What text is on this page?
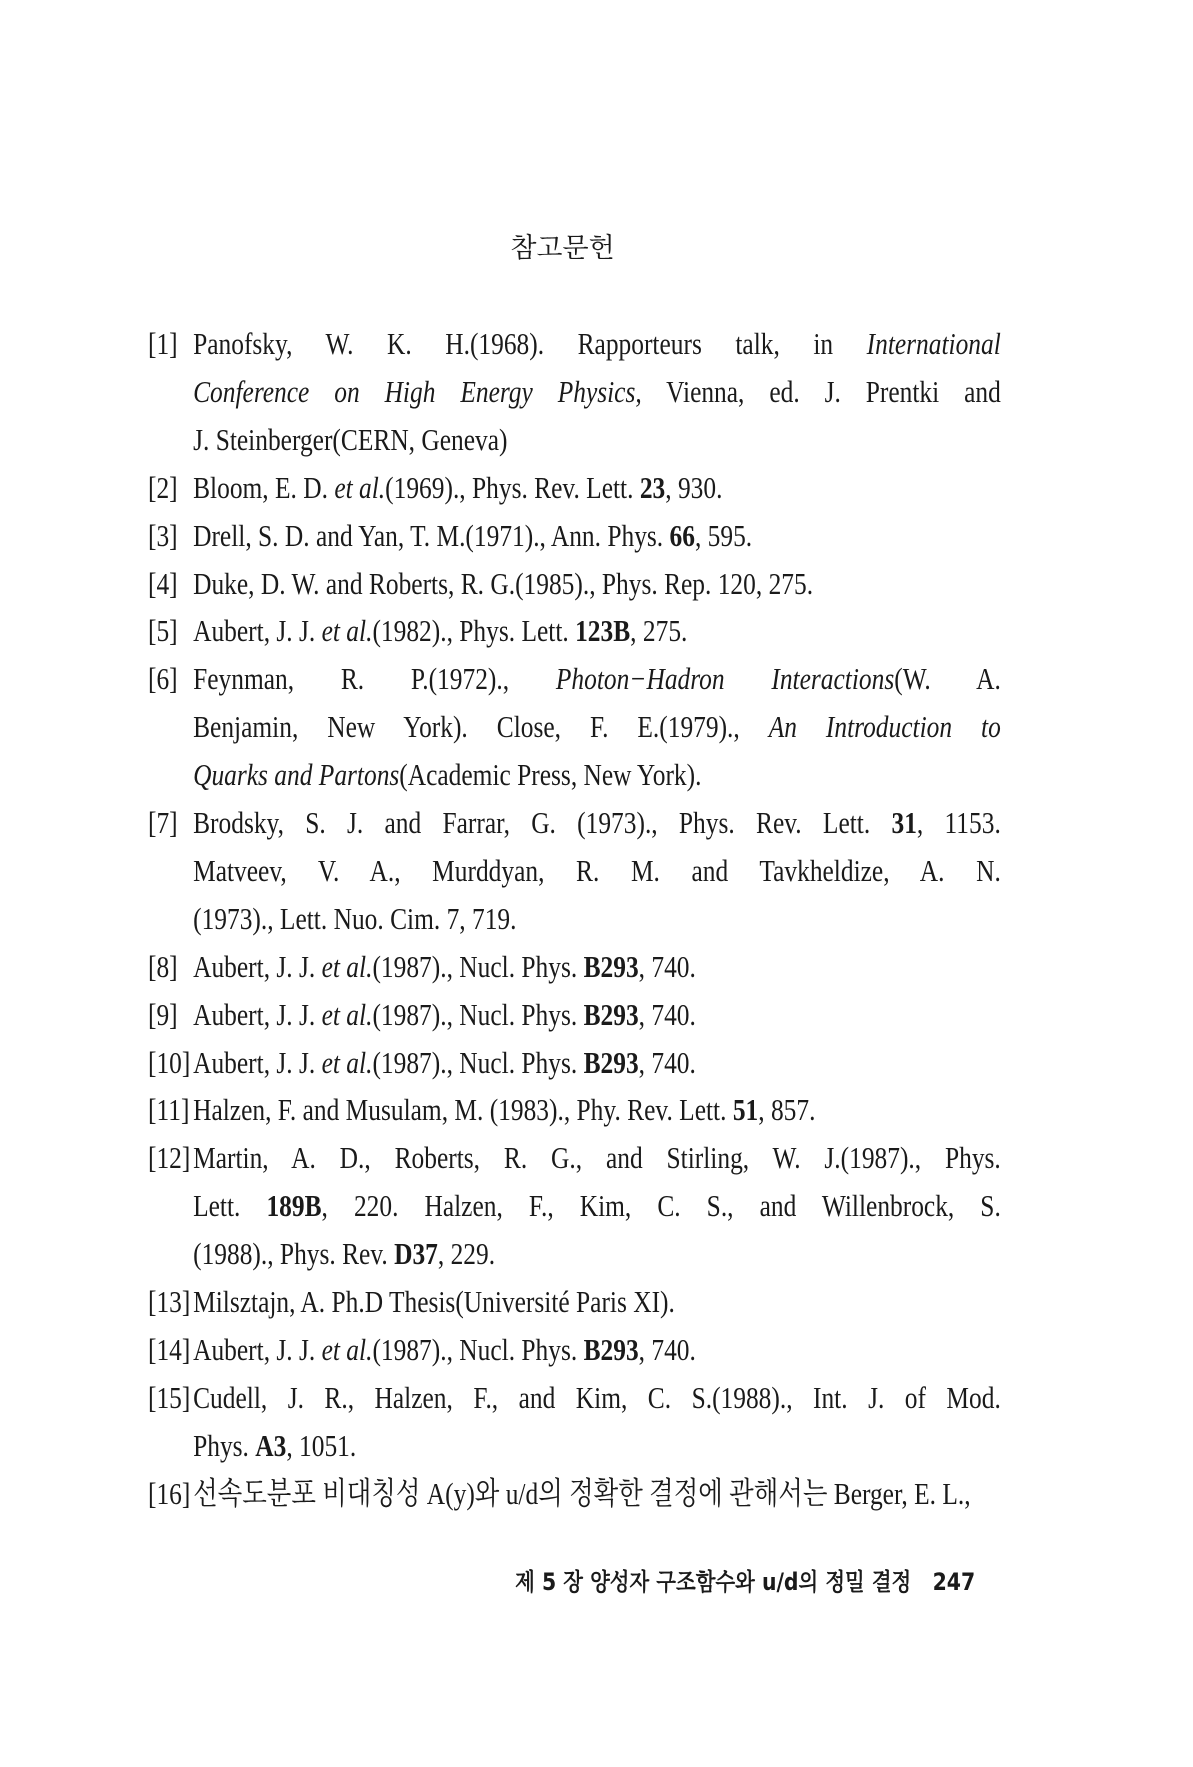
참고문헌
[1] Panofsky, W. K. H.(1968). Rapporteurs talk, in International
Conference on High Energy Physics, Vienna, ed. J. Prentki and
J. Steinberger(CERN, Geneva)
[2] Bloom, E. D. et al.(1969)., Phys. Rev. Lett. 23, 930.
[3] Drell, S. D. and Yan, T. M.(1971)., Ann. Phys. 66, 595.
[4] Duke, D. W. and Roberts, R. G.(1985)., Phys. Rep. 120, 275.
[5] Aubert, J. J. et al.(1982)., Phys. Lett. 123B, 275.
[6] Feynman, R. P.(1972)., Photon−Hadron Interactions(W. A.
Benjamin, New York). Close, F. E.(1979)., An Introduction to
Quarks and Partons(Academic Press, New York).
[7] Brodsky, S. J. and Farrar, G. (1973)., Phys. Rev. Lett. 31, 1153.
Matveev, V. A., Murddyan, R. M. and Tavkheldize, A. N.
(1973)., Lett. Nuo. Cim. 7, 719.
[8] Aubert, J. J. et al.(1987)., Nucl. Phys. B293, 740.
[9] Aubert, J. J. et al.(1987)., Nucl. Phys. B293, 740.
[10] Aubert, J. J. et al.(1987)., Nucl. Phys. B293, 740.
[11] Halzen, F. and Musulam, M. (1983)., Phy. Rev. Lett. 51, 857.
[12] Martin, A. D., Roberts, R. G., and Stirling, W. J.(1987)., Phys.
Lett. 189B, 220. Halzen, F., Kim, C. S., and Willenbrock, S.
(1988)., Phys. Rev. D37, 229.
[13] Milsztajn, A. Ph.D Thesis(Université Paris XI).
[14] Aubert, J. J. et al.(1987)., Nucl. Phys. B293, 740.
[15] Cudell, J. R., Halzen, F., and Kim, C. S.(1988)., Int. J. of Mod.
Phys. A3, 1051.
[16] 선속도분포 비대칭성 A(y)와 u/d의 정확한 결정에 관해서는 Berger, E. L.,
제 5 장 양성자 구조함수와 u/d의 정밀 결정 247
